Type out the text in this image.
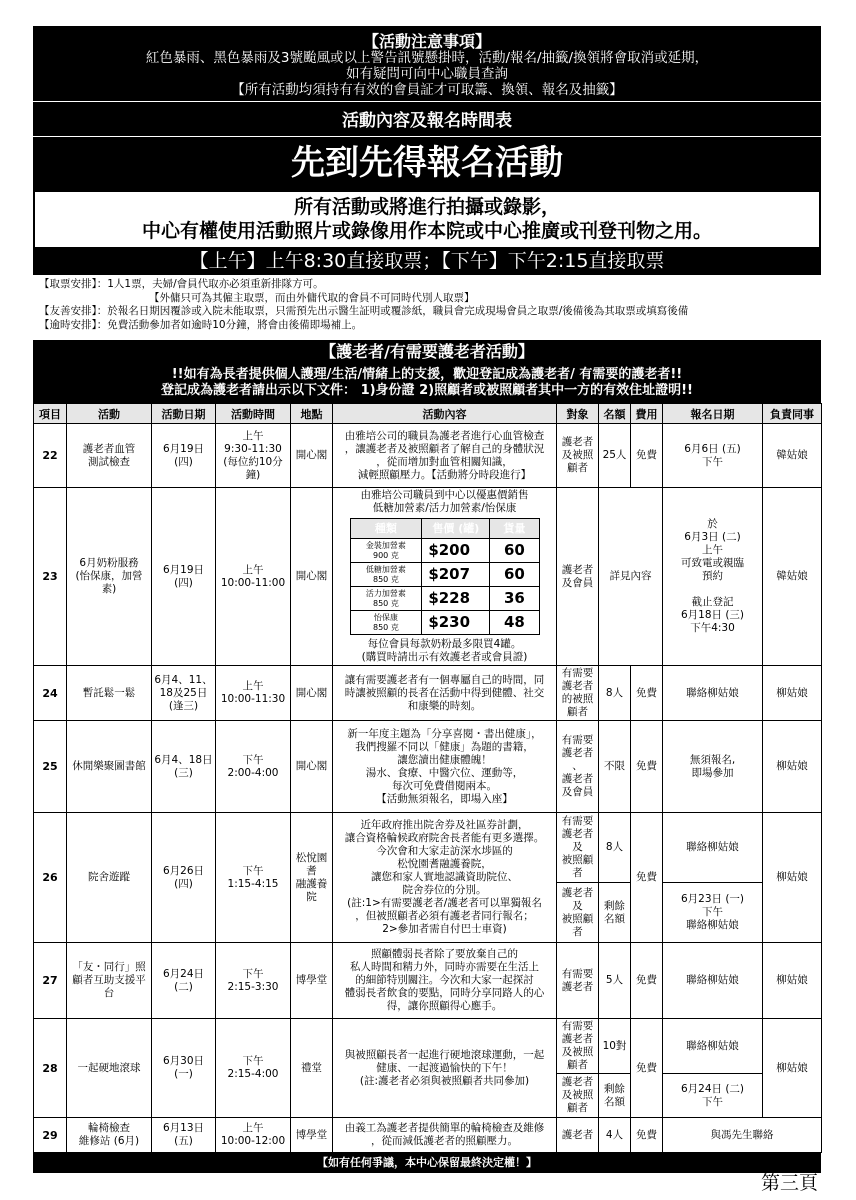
【活動注意事項】
紅色暴雨、黑色暴雨及3號颱風或以上警告訊號懸掛時，活動/報名/抽籤/換領將會取消或延期，
如有疑問可向中心職員查詢
【所有活動均須持有有效的會員証才可取籌、換領、報名及抽籤】
活動內容及報名時間表
先到先得報名活動
所有活動或將進行拍攝或錄影，
中心有權使用活動照片或錄像用作本院或中心推廣或刊登刊物之用。
【上午】上午8:30直接取票；【下午】下午2:15直接取票
【取票安排】：1人1票，夫婦/會員代取亦必須重新排隊方可。
【外傭只可為其僱主取票，而由外傭代取的會員不可同時代別人取票】
【友善安排】：於報名日期因覆診或入院未能取票，只需預先出示醫生証明或覆診紙，職員會完成現場會員之取票/後備後為其取票或填寫後備
【逾時安排】：免費活動參加者如逾時10分鐘，將會由後備即場補上。
【護老者/有需要護老者活動】
!!如有為長者提供個人護理/生活/情緒上的支援，歡迎登記成為護老者/ 有需要的護老者!!
登記成為護老者請出示以下文件： 1)身份證 2)照顧者或被照顧者其中一方的有效住址證明!!
項目	活動	活動日期	活動時間	地點	活動內容	對象	名額	費用	報名日期	負責同事
22	護老者血管
測試檢查	6月19日
(四)	上午
9:30-11:30
(每位約10分
鐘)	開心閣	由雅培公司的職員為護老者進行心血管檢查
，讓護老者及被照顧者了解自己的身體狀況
，從而增加對血管相關知識，
減輕照顧壓力。【活動將分時段進行】	護老者
及被照
顧者	25人	免費	6月6日 (五)
下午	韓姑娘
23	6月奶粉服務
(怡保康，加營
素)	6月19日
(四)	上午
10:00-11:00	開心閣	
由雅培公司職員到中心以優惠價銷售
低糖加營素/活力加營素/怡保康
種類	售價 (罐)	貨量
金裝加營素
900 克	$200	60
低糖加營素
850 克	$207	60
活力加營素
850 克	$228	36
怡保康
850 克	$230	48
每位會員每款奶粉最多限買4罐。
(購買時請出示有效護老者或會員證)
	護老者
及會員	詳見內容	於
6月3日 (二)
上午
可致電或親臨
預約

截止登記
6月18日 (三)
下午4:30	韓姑娘
24	暫託鬆一鬆	6月4、11、
18及25日
(逢三)	上午
10:00-11:30	開心閣	讓有需要護老者有一個專屬自己的時間，同
時讓被照顧的長者在活動中得到健體、社交
和康樂的時刻。	有需要
護老者
的被照
顧者	8人	免費	聯絡柳姑娘	柳姑娘
25	休閒樂聚圖書館	6月4、18日
(三)	下午
2:00-4:00	開心閣	新一年度主題為「分享喜閱・書出健康」，
我們搜羅不同以「健康」為題的書籍，
讓您讀出健康體魄！
湯水、食療、中醫穴位、運動等，
每次可免費借閱兩本。
【活動無須報名，即場入座】	有需要
護老者
、
護老者
及會員	不限	免費	無須報名,
即場參加	柳姑娘
26	院舍遊蹤	6月26日
(四)	下午
1:15-4:15	松悅園耆
融護養院	近年政府推出院舍券及社區券計劃，
讓合資格輪候政府院舍長者能有更多選擇。
今次會和大家走訪深水埗區的
松悅園耆融護養院，
讓您和家人實地認識資助院位、
院舍券位的分別。
(註:1>有需要護老者/護老者可以單獨報名
，但被照顧者必須有護老者同行報名；
2>參加者需自付巴士車資)	有需要
護老者
及
被照顧
者	8人	免費	聯絡柳姑娘	柳姑娘
護老者
及
被照顧
者	剩餘
名額	6月23日 (一)
下午
聯絡柳姑娘
27	「友・同行」照
顧者互助支援平
台	6月24日
(二)	下午
2:15-3:30	博學堂	照顧體弱長者除了要放棄自己的
私人時間和精力外，同時亦需要在生活上
的細節特別關注。今次和大家一起探討
體弱長者飲食的要點，同時分享同路人的心
得，讓你照顧得心應手。	有需要
護老者	5人	免費	聯絡柳姑娘	柳姑娘
28	一起硬地滾球	6月30日
(一)	下午
2:15-4:00	禮堂	與被照顧長者一起進行硬地滾球運動，一起
健康、一起渡過愉快的下午！
(註:護老者必須與被照顧者共同參加)	有需要
護老者
及被照
顧者	10對	免費	聯絡柳姑娘	柳姑娘
護老者
及被照
顧者	剩餘
名額	6月24日 (二)
下午
29	輪椅檢查
維修站 (6月)	6月13日
(五)	上午
10:00-12:00	博學堂	由義工為護老者提供簡單的輪椅檢查及維修
，從而減低護老者的照顧壓力。	護老者	4人	免費	與馮先生聯絡
【如有任何爭議，本中心保留最終決定權！】
第三頁
